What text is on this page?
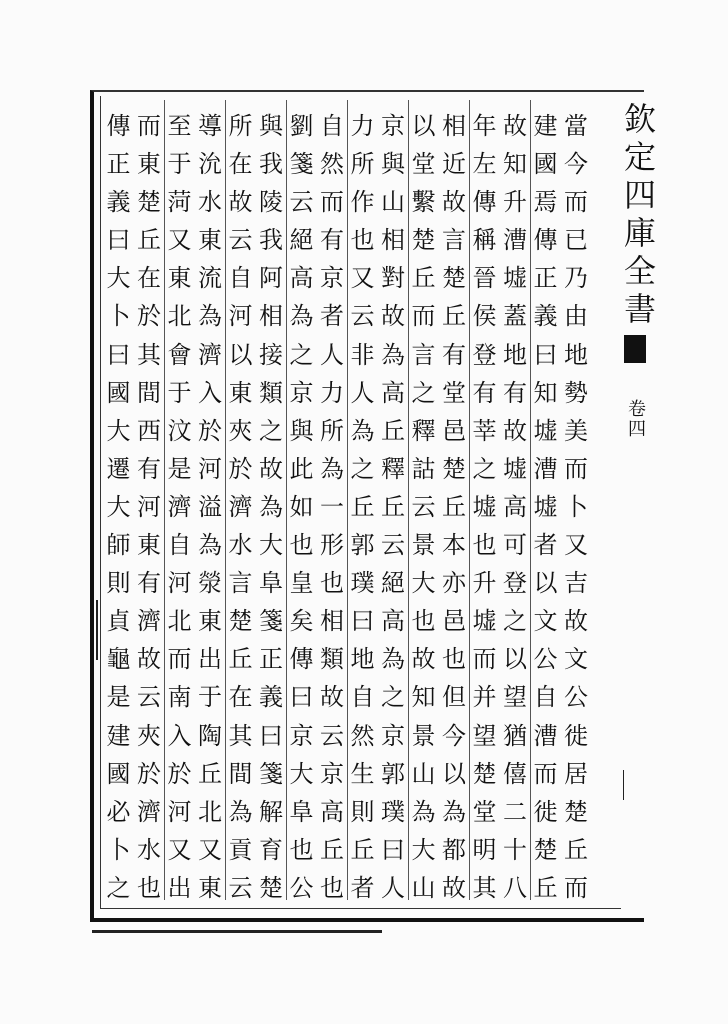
欽
定
四
庫
全
書
卷
四
當
今
而
已
乃
由
地
勢
美
而
卜
又
吉
故
文
公
徙
居
楚
丘
而
建
國
焉
傳
正
義
曰
知
墟
漕
墟
者
以
文
公
自
漕
而
徙
楚
丘
故
知
升
漕
墟
蓋
地
有
故
墟
高
可
登
之
以
望
猶
僖
二
十
八
年
左
傳
稱
晉
侯
登
有
莘
之
墟
也
升
墟
而
并
望
楚
堂
明
其
相
近
故
言
楚
丘
有
堂
邑
楚
丘
本
亦
邑
也
但
今
以
為
都
故
以
堂
繫
楚
丘
而
言
之
釋
詁
云
景
大
也
故
知
景
山
為
大
山
京
與
山
相
對
故
為
高
丘
釋
丘
云
絕
高
為
之
京
郭
璞
曰
人
力
所
作
也
又
云
非
人
為
之
丘
郭
璞
曰
地
自
然
生
則
丘
者
自
然
而
有
京
者
人
力
所
為
一
形
也
相
類
故
云
京
高
丘
也
劉
箋
云
絕
高
為
之
京
與
此
如
也
皇
矣
傳
曰
京
大
阜
也
公
與
我
陵
我
阿
相
接
類
之
故
為
大
阜
箋
正
義
曰
箋
解
育
楚
所
在
故
云
自
河
以
東
夾
於
濟
水
言
楚
丘
在
其
間
為
貢
云
導
沇
水
東
流
為
濟
入
於
河
溢
為
滎
東
出
于
陶
丘
北
又
東
至
于
菏
又
東
北
會
于
汶
是
濟
自
河
北
而
南
入
於
河
又
出
而
東
楚
丘
在
於
其
間
西
有
河
東
有
濟
故
云
夾
於
濟
水
也
傳
正
義
曰
大
卜
曰
國
大
遷
大
師
則
貞
龜
是
建
國
必
卜
之
